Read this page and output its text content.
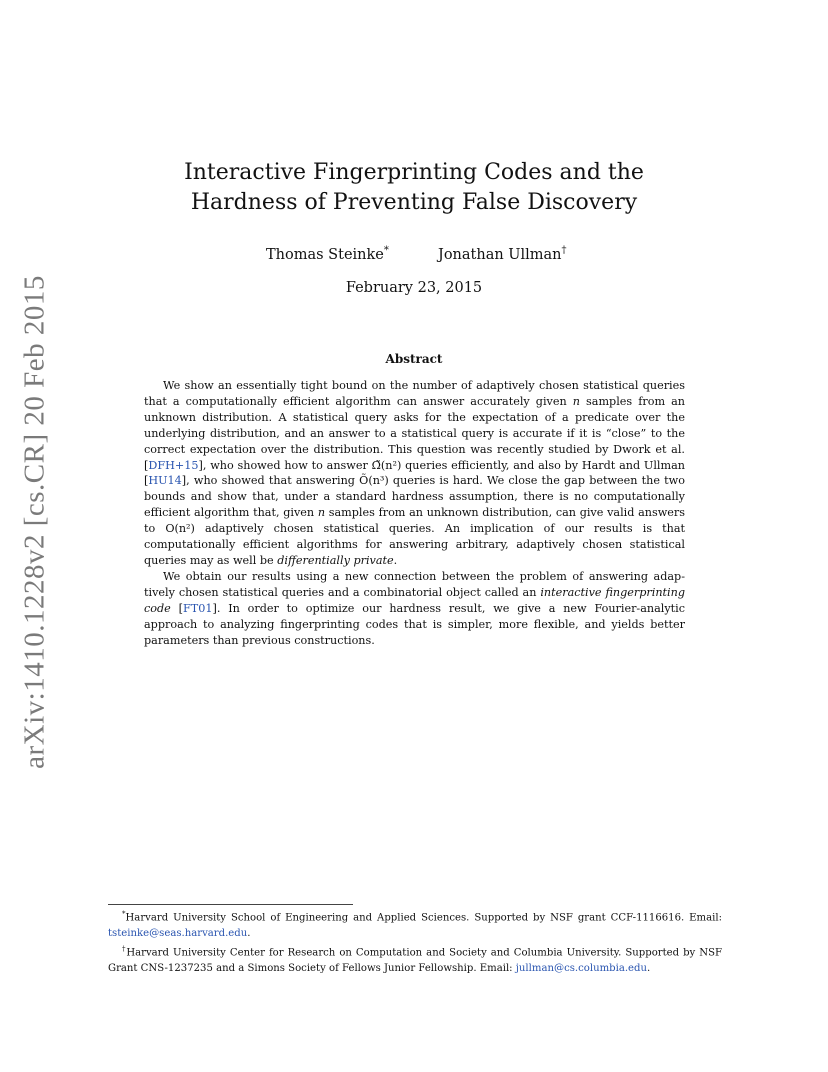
arXiv:1410.1228v2 [cs.CR] 20 Feb 2015
Interactive Fingerprinting Codes and the
Hardness of Preventing False Discovery
Thomas Steinke*	Jonathan Ullman†
February 23, 2015
Abstract

We show an essentially tight bound on the number of adaptively chosen statistical queries that a computationally efficient algorithm can answer accurately given n samples from an unknown distribution. A statistical query asks for the expectation of a predicate over the underlying distribution, and an answer to a statistical query is accurate if it is “close” to the correct expectation over the distribution. This question was recently studied by Dwork et al. [DFH+15], who showed how to answer Ω̃(n²) queries efficiently, and also by Hardt and Ullman [HU14], who showed that answering Õ(n³) queries is hard. We close the gap between the two bounds and show that, under a standard hardness assumption, there is no computationally efficient algorithm that, given n samples from an unknown distribution, can give valid answers to O(n²) adaptively chosen statistical queries. An implication of our results is that computationally efficient algorithms for answering arbitrary, adaptively chosen statistical queries may as well be differentially private.

We obtain our results using a new connection between the problem of answering adaptively chosen statistical queries and a combinatorial object called an interactive fingerprinting code [FT01]. In order to optimize our hardness result, we give a new Fourier-analytic approach to analyzing fingerprinting codes that is simpler, more flexible, and yields better parameters than previous constructions.

*Harvard University School of Engineering and Applied Sciences. Supported by NSF grant CCF-1116616. Email: tsteinke@seas.harvard.edu.

†Harvard University Center for Research on Computation and Society and Columbia University. Supported by NSF Grant CNS-1237235 and a Simons Society of Fellows Junior Fellowship. Email: jullman@cs.columbia.edu.
